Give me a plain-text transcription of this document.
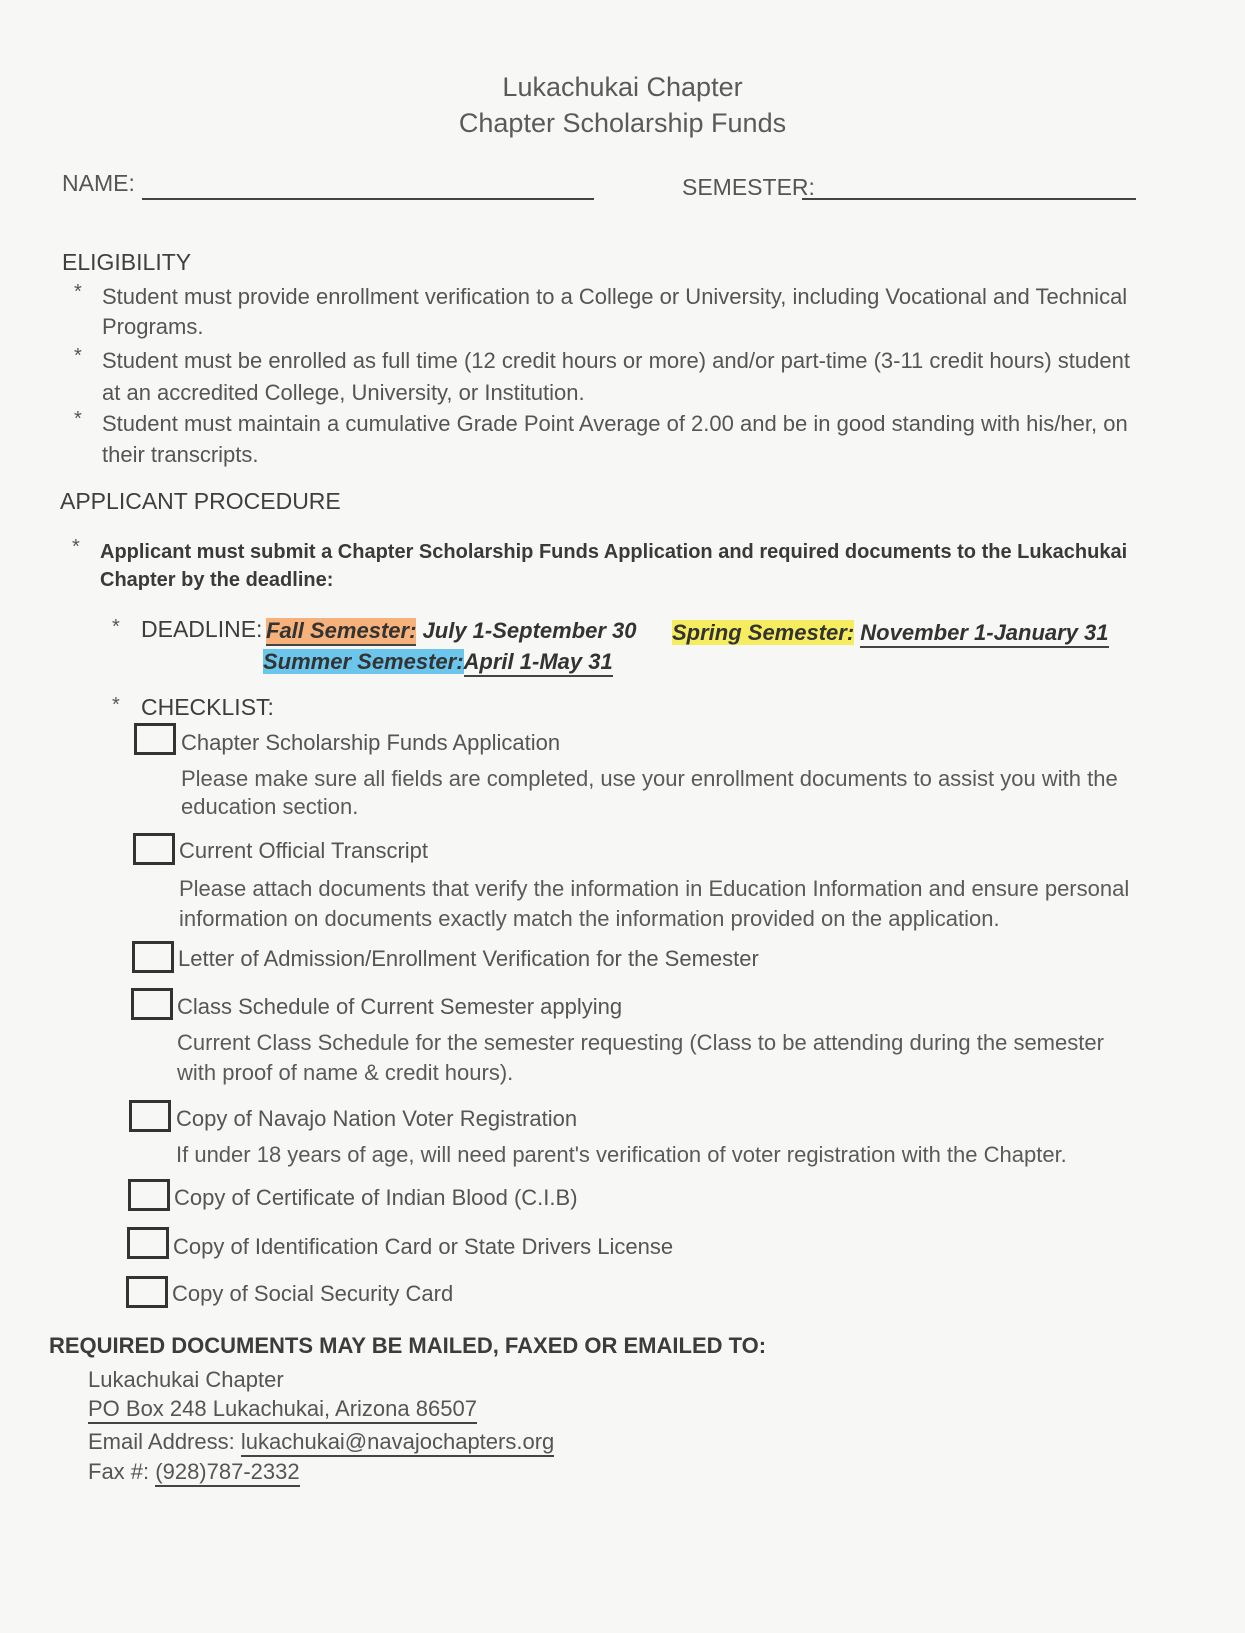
Lukachukai Chapter
Chapter Scholarship Funds
NAME:	SEMESTER:
ELIGIBILITY
* Student must provide enrollment verification to a College or University, including Vocational and Technical
Programs.
* Student must be enrolled as full time (12 credit hours or more) and/or part-time (3-11 credit hours) student
at an accredited College, University, or Institution.
* Student must maintain a cumulative Grade Point Average of 2.00 and be in good standing with his/her, on
their transcripts.
APPLICANT PROCEDURE
* Applicant must submit a Chapter Scholarship Funds Application and required documents to the Lukachukai
Chapter by the deadline:
* DEADLINE: Fall Semester: July 1-September 30 Spring Semester: November 1-January 31
Summer Semester:April 1-May 31
* CHECKLIST:
Chapter Scholarship Funds Application
Please make sure all fields are completed, use your enrollment documents to assist you with the
education section.
Current Official Transcript
Please attach documents that verify the information in Education Information and ensure personal
information on documents exactly match the information provided on the application.
Letter of Admission/Enrollment Verification for the Semester
Class Schedule of Current Semester applying
Current Class Schedule for the semester requesting (Class to be attending during the semester
with proof of name & credit hours).
Copy of Navajo Nation Voter Registration
If under 18 years of age, will need parent's verification of voter registration with the Chapter.
Copy of Certificate of Indian Blood (C.I.B)
Copy of Identification Card or State Drivers License
Copy of Social Security Card
REQUIRED DOCUMENTS MAY BE MAILED, FAXED OR EMAILED TO:
Lukachukai Chapter
PO Box 248 Lukachukai, Arizona 86507
Email Address: lukachukai@navajochapters.org
Fax #: (928)787-2332
